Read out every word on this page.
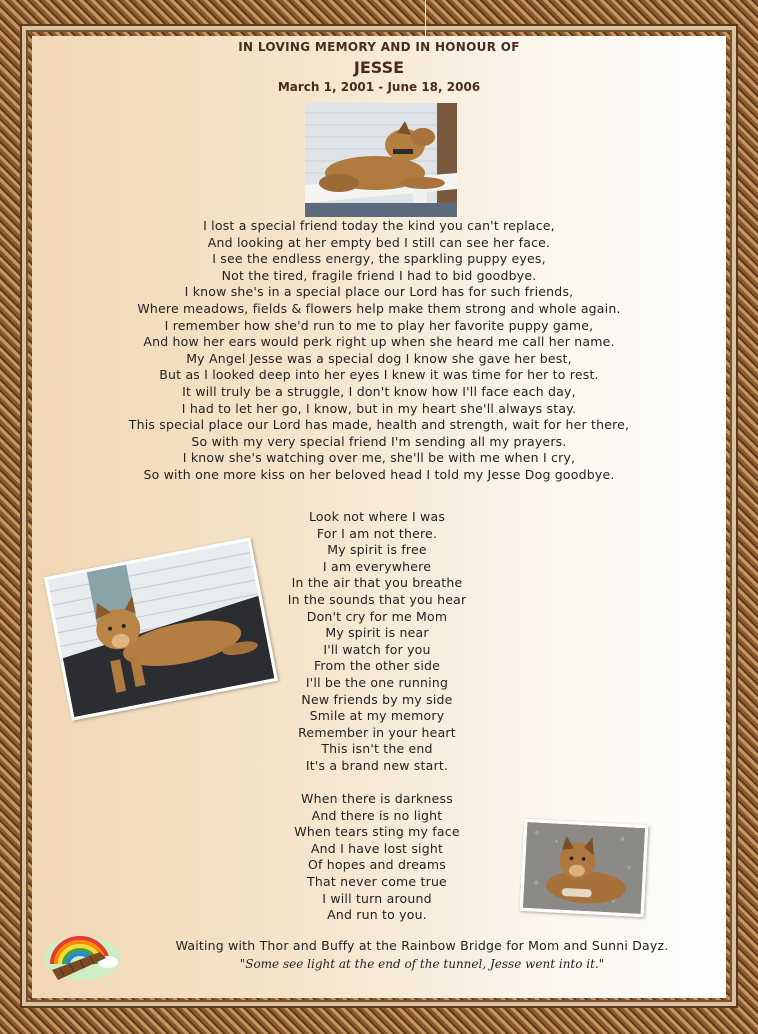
IN LOVING MEMORY AND IN HONOUR OF
JESSE
March 1, 2001 - June 18, 2006
I lost a special friend today the kind you can't replace,
And looking at her empty bed I still can see her face.
I see the endless energy, the sparkling puppy eyes,
Not the tired, fragile friend I had to bid goodbye.
I know she's in a special place our Lord has for such friends,
Where meadows, fields & flowers help make them strong and whole again.
I remember how she'd run to me to play her favorite puppy game,
And how her ears would perk right up when she heard me call her name.
My Angel Jesse was a special dog I know she gave her best,
But as I looked deep into her eyes I knew it was time for her to rest.
It will truly be a struggle, I don't know how I'll face each day,
I had to let her go, I know, but in my heart she'll always stay.
This special place our Lord has made, health and strength, wait for her there,
So with my very special friend I'm sending all my prayers.
I know she's watching over me, she'll be with me when I cry,
So with one more kiss on her beloved head I told my Jesse Dog goodbye.
Look not where I was
For I am not there.
My spirit is free
I am everywhere
In the air that you breathe
In the sounds that you hear
Don't cry for me Mom
My spirit is near
I'll watch for you
From the other side
I'll be the one running
New friends by my side
Smile at my memory
Remember in your heart
This isn't the end
It's a brand new start.
When there is darkness
And there is no light
When tears sting my face
And I have lost sight
Of hopes and dreams
That never come true
I will turn around
And run to you.
Waiting with Thor and Buffy at the Rainbow Bridge for Mom and Sunni Dayz.
"Some see light at the end of the tunnel, Jesse went into it."
